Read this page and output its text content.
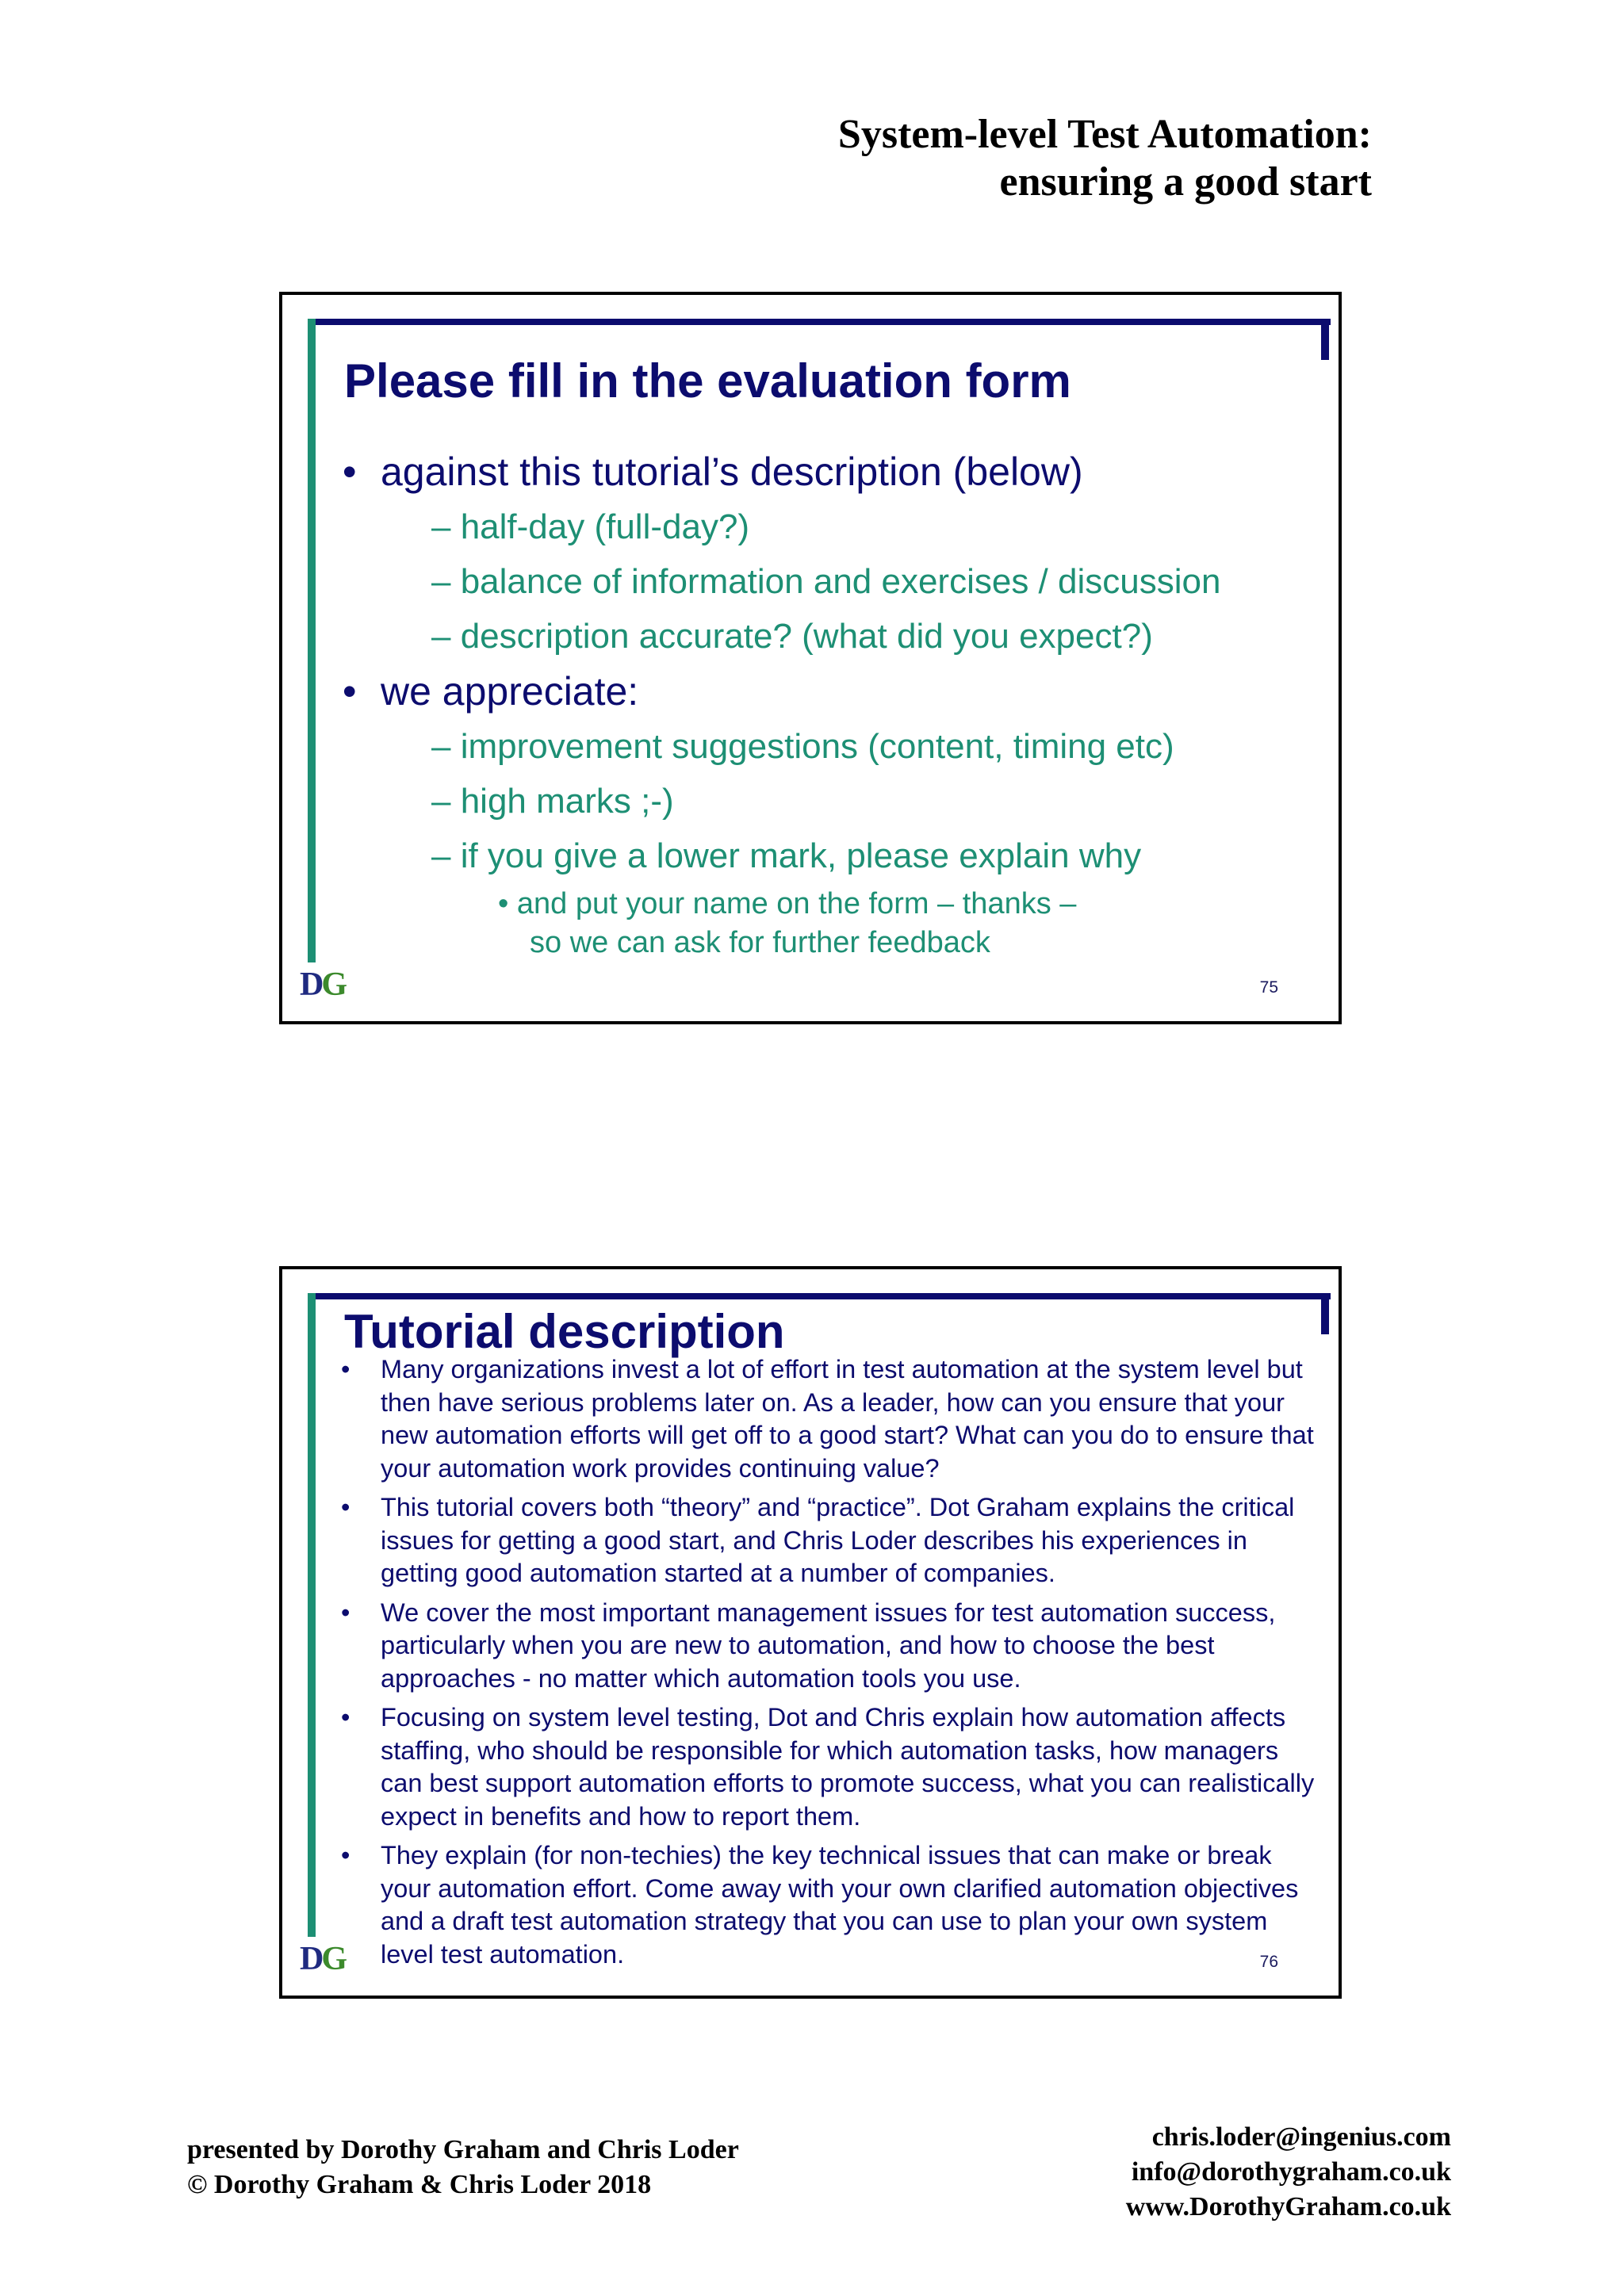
System-level Test Automation:
ensuring a good start
Please fill in the evaluation form
• against this tutorial’s description (below)
– half-day (full-day?)
– balance of information and exercises / discussion
– description accurate? (what did you expect?)
• we appreciate:
– improvement suggestions (content, timing etc)
– high marks ;-)
– if you give a lower mark, please explain why
• and put your name on the form – thanks – so we can ask for further feedback
DG	75
Tutorial description
• Many organizations invest a lot of effort in test automation at the system level but then have serious problems later on. As a leader, how can you ensure that your new automation efforts will get off to a good start? What can you do to ensure that your automation work provides continuing value?
• This tutorial covers both “theory” and “practice”. Dot Graham explains the critical issues for getting a good start, and Chris Loder describes his experiences in getting good automation started at a number of companies.
• We cover the most important management issues for test automation success, particularly when you are new to automation, and how to choose the best approaches - no matter which automation tools you use.
• Focusing on system level testing, Dot and Chris explain how automation affects staffing, who should be responsible for which automation tasks, how managers can best support automation efforts to promote success, what you can realistically expect in benefits and how to report them.
• They explain (for non-techies) the key technical issues that can make or break your automation effort. Come away with your own clarified automation objectives and a draft test automation strategy that you can use to plan your own system level test automation.
DG	76
presented by Dorothy Graham and Chris Loder
© Dorothy Graham & Chris Loder 2018
chris.loder@ingenius.com
info@dorothygraham.co.uk
www.DorothyGraham.co.uk
